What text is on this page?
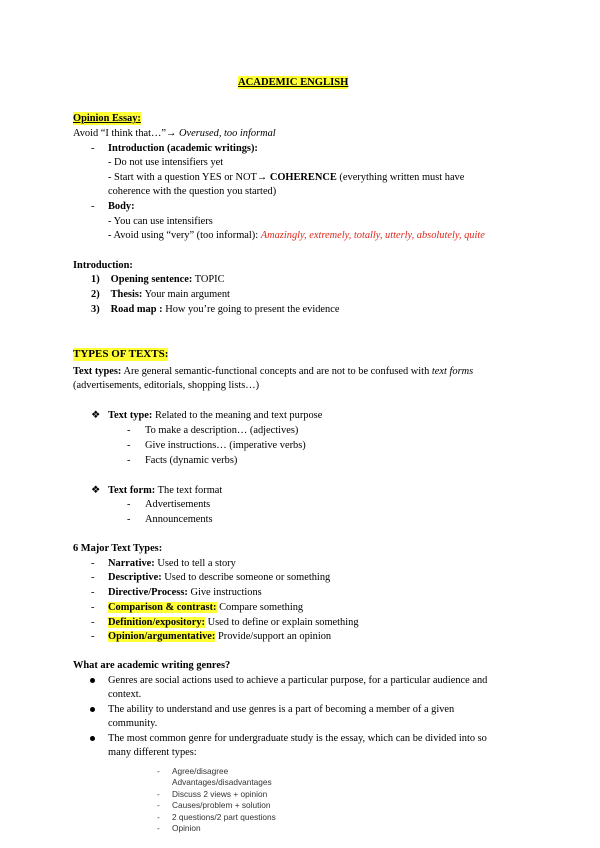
ACADEMIC ENGLISH
Opinion Essay:
Avoid “I think that…”→ Overused, too informal
- Introduction (academic writings):
- Do not use intensifiers yet
- Start with a question YES or NOT→ COHERENCE (everything written must have
coherence with the question you started)
- Body:
- You can use intensifiers
- Avoid using “very” (too informal): Amazingly, extremely, totally, utterly, absolutely, quite
Introduction:
1) Opening sentence: TOPIC
2) Thesis: Your main argument
3) Road map : How you’re going to present the evidence
TYPES OF TEXTS:
Text types: Are general semantic-functional concepts and are not to be confused with text forms
(advertisements, editorials, shopping lists…)
❖ Text type: Related to the meaning and text purpose
- To make a description… (adjectives)
- Give instructions… (imperative verbs)
- Facts (dynamic verbs)
❖ Text form: The text format
- Advertisements
- Announcements
6 Major Text Types:
- Narrative: Used to tell a story
- Descriptive: Used to describe someone or something
- Directive/Process: Give instructions
- Comparison & contrast: Compare something
- Definition/expository: Used to define or explain something
- Opinion/argumentative: Provide/support an opinion
What are academic writing genres?
Genres are social actions used to achieve a particular purpose, for a particular audience and
context.
The ability to understand and use genres is a part of becoming a member of a given
community.
The most common genre for undergraduate study is the essay, which can be divided into so
many different types:
- Agree/disagree
Advantages/disadvantages
- Discuss 2 views + opinion
- Causes/problem + solution
- 2 questions/2 part questions
- Opinion
